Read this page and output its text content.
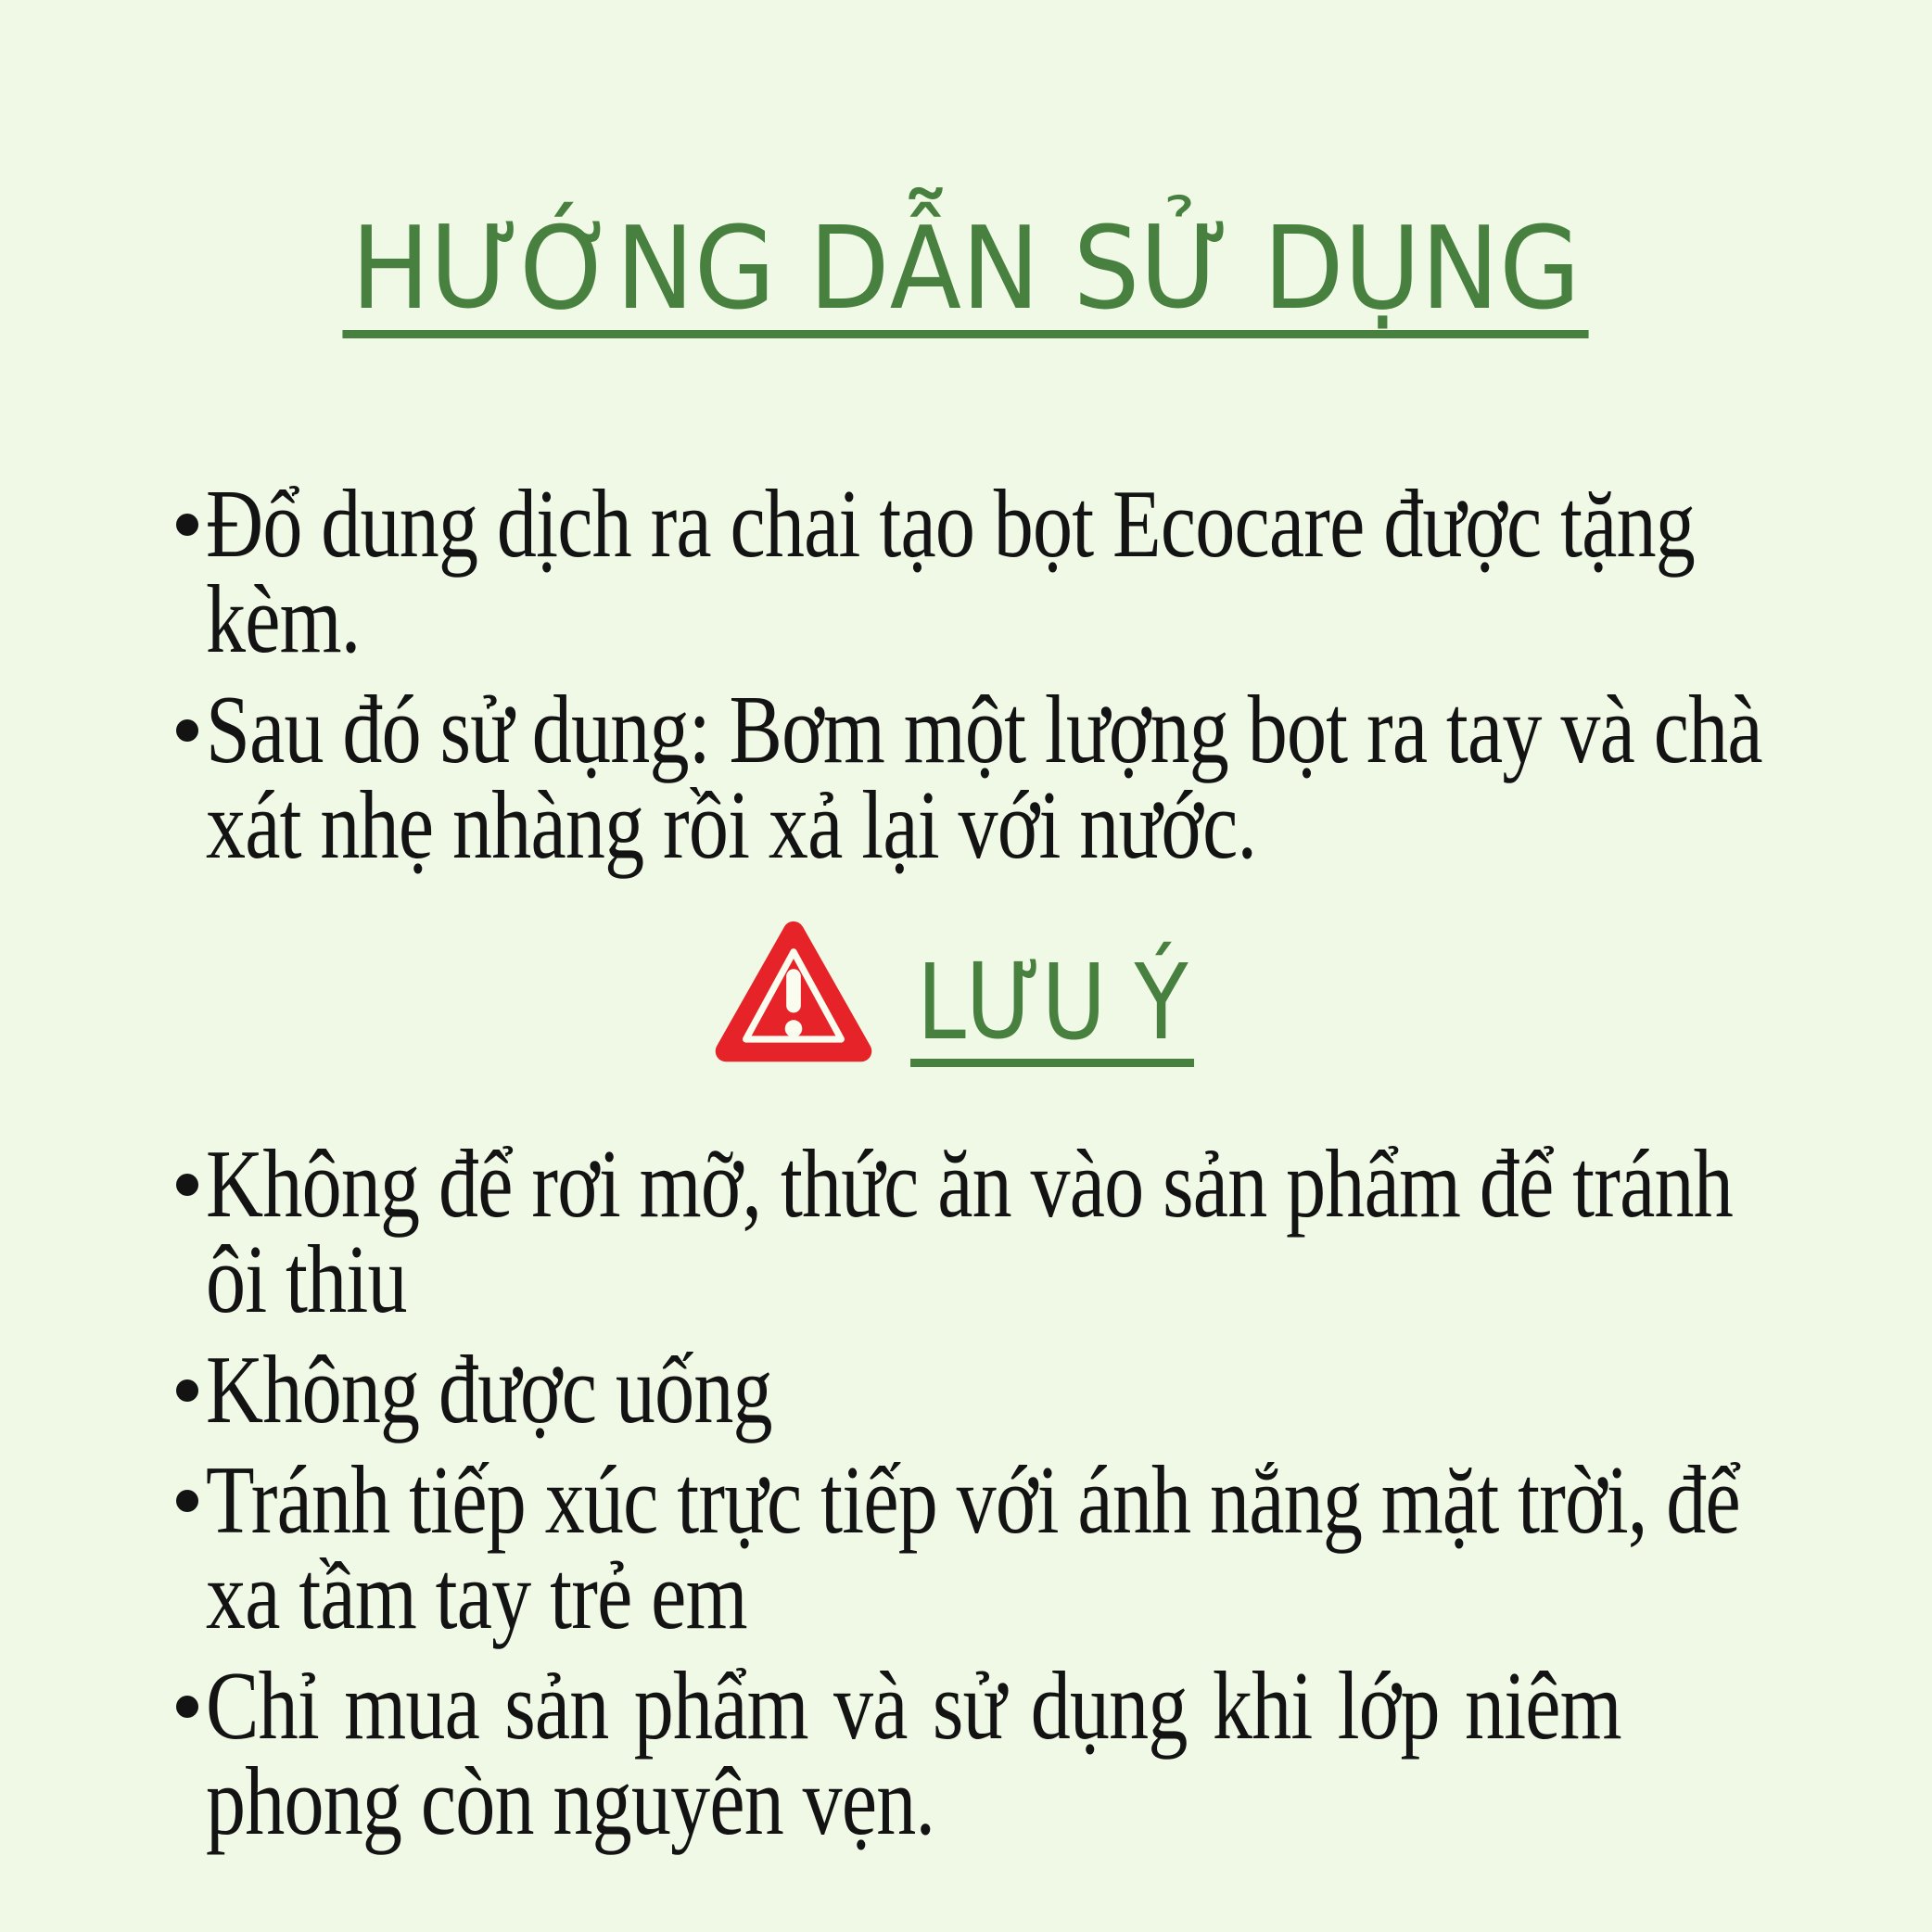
HƯỚNG DẪN SỬ DỤNG
Đổ dung dịch ra chai tạo bọt Ecocare được tặng
kèm.
Sau đó sử dụng: Bơm một lượng bọt ra tay và chà
xát nhẹ nhàng rồi xả lại với nước.
LƯU Ý
Không để rơi mỡ, thức ăn vào sản phẩm để tránh
ôi thiu
Không được uống
Tránh tiếp xúc trực tiếp với ánh nắng mặt trời, để
xa tầm tay trẻ em
Chỉ mua sản phẩm và sử dụng khi lớp niêm
phong còn nguyên vẹn.
